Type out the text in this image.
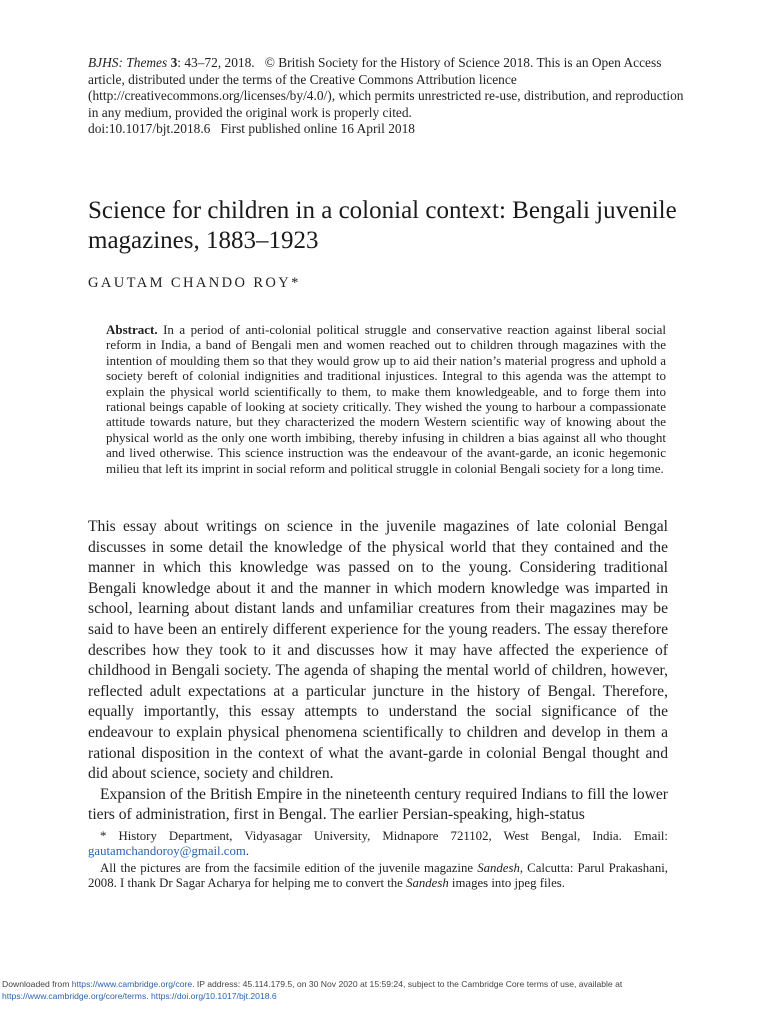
BJHS: Themes 3: 43–72, 2018. © British Society for the History of Science 2018. This is an Open Access article, distributed under the terms of the Creative Commons Attribution licence (http://creativecommons.org/licenses/by/4.0/), which permits unrestricted re-use, distribution, and reproduction in any medium, provided the original work is properly cited.
doi:10.1017/bjt.2018.6 First published online 16 April 2018
Science for children in a colonial context: Bengali juvenile magazines, 1883–1923
GAUTAM CHANDO ROY*

Abstract. In a period of anti-colonial political struggle and conservative reaction against liberal social reform in India, a band of Bengali men and women reached out to children through magazines with the intention of moulding them so that they would grow up to aid their nation’s material progress and uphold a society bereft of colonial indignities and traditional injustices. Integral to this agenda was the attempt to explain the physical world scientifically to them, to make them knowledgeable, and to forge them into rational beings capable of looking at society critically. They wished the young to harbour a compassionate attitude towards nature, but they characterized the modern Western scientific way of knowing about the physical world as the only one worth imbibing, thereby infusing in children a bias against all who thought and lived otherwise. This science instruction was the endeavour of the avant-garde, an iconic hegemonic milieu that left its imprint in social reform and political struggle in colonial Bengali society for a long time.

This essay about writings on science in the juvenile magazines of late colonial Bengal discusses in some detail the knowledge of the physical world that they contained and the manner in which this knowledge was passed on to the young. Considering traditional Bengali knowledge about it and the manner in which modern knowledge was imparted in school, learning about distant lands and unfamiliar creatures from their magazines may be said to have been an entirely different experience for the young readers. The essay therefore describes how they took to it and discusses how it may have affected the experience of childhood in Bengali society. The agenda of shaping the mental world of children, however, reflected adult expectations at a particular juncture in the history of Bengal. Therefore, equally importantly, this essay attempts to understand the social significance of the endeavour to explain physical phenomena scientifically to children and develop in them a rational disposition in the context of what the avant-garde in colonial Bengal thought and did about science, society and children.

Expansion of the British Empire in the nineteenth century required Indians to fill the lower tiers of administration, first in Bengal. The earlier Persian-speaking, high-status

* History Department, Vidyasagar University, Midnapore 721102, West Bengal, India. Email: gautamchandoroy@gmail.com.

All the pictures are from the facsimile edition of the juvenile magazine Sandesh, Calcutta: Parul Prakashani, 2008. I thank Dr Sagar Acharya for helping me to convert the Sandesh images into jpeg files.

Downloaded from https://www.cambridge.org/core. IP address: 45.114.179.5, on 30 Nov 2020 at 15:59:24, subject to the Cambridge Core terms of use, available at
https://www.cambridge.org/core/terms. https://doi.org/10.1017/bjt.2018.6
